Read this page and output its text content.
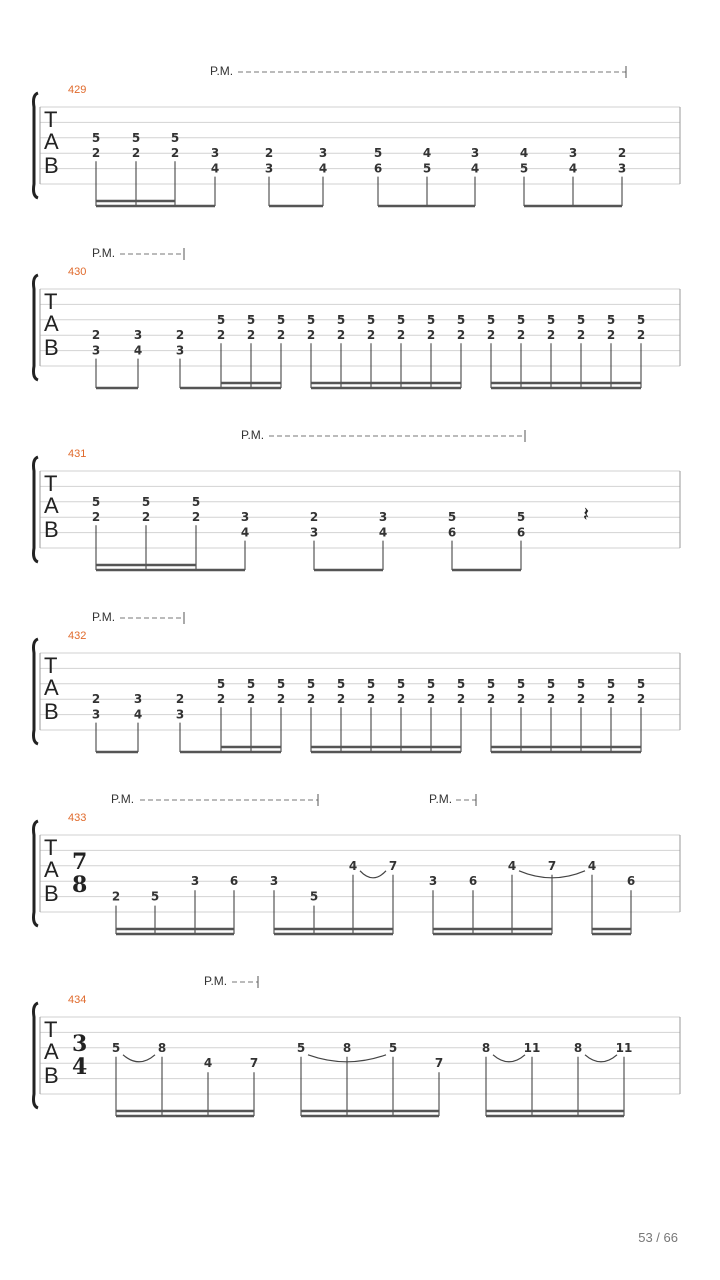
T
A
B
429
P.M.
5
2
5
2
5
2	3
4
2
3
3
4
5
6
4
5
3
4
4
5
3
4
2
3
T
A
B
430
P.M.
2
3
3
4
2
3
5
2
5
2
5
2
5
2
5
2
5
2
5
2
5
2
5
2
5
2
5
2
5
2
5
2
5
2
5
2
T
A
B
431
P.M.
5
2
5
2
5
2	3
4
2
3
3
4
5
6
5
6
𝄽
T
A
B
432
P.M.
2
3
3
4
2
3
5
2
5
2
5
2
5
2
5
2
5
2
5
2
5
2
5
2
5
2
5
2
5
2
5
2
5
2
5
2
T
A
B
433
7
8
P.M.	P.M.
2	5
3	6	3
5
4	7
3	6
4	7	4
6
T
A
B
434
3
4
P.M.
5	8
4	7
5	8	5
7
8	11	8	11
53 / 66
